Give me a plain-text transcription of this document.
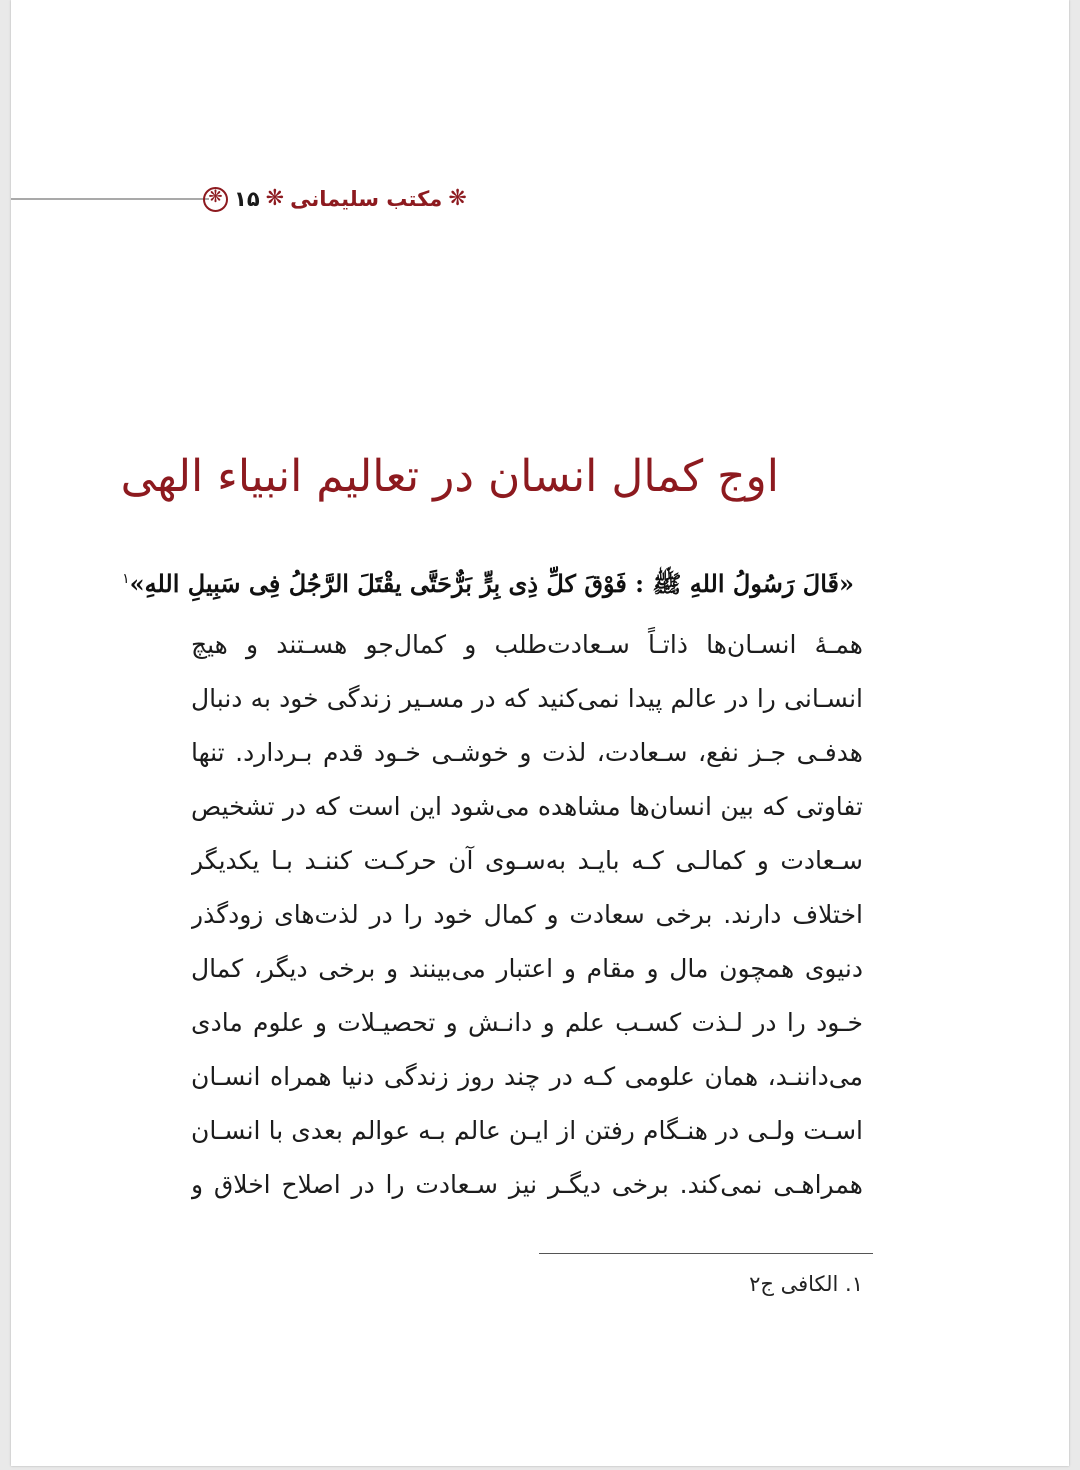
❋
مکتب سلیمانی
❋
۱۵
❋
اوج کمال انسان در تعالیم انبیاء الهی
«قَالَ رَسُولُ اللهِ ﷺ : فَوْقَ کلِّ ذِی بِرٍّ بَرٌّحَتَّی یقْتَلَ الرَّجُلُ فِی سَبِیلِ اللهِ»$^۱$
همـۀ انسـان‌ها ذاتـاً سـعادت‌طلب و کمال‌جو هسـتند و هیچ
انسـانی را در عالم پیدا نمی‌کنید که در مسـیر زندگی خود به دنبال
هدفـی جـز نفع، سـعادت، لذت و خوشـی خـود قدم بـردارد. تنها
تفاوتی که بین انسان‌ها مشاهده می‌شود این است که در تشخیص
سـعادت و کمالـی کـه بایـد به‌سـوی آن حرکـت کننـد بـا یکدیگر
اختلاف دارند. برخی سعادت و کمال خود را در لذت‌های زودگذر
دنیوی همچون مال و مقام و اعتبار می‌بینند و برخی دیگر، کمال
خـود را در لـذت کسـب علم و دانـش و تحصیـلات و علوم مادی
می‌داننـد، همان علومی کـه در چند روز زندگی دنیا همراه انسـان
اسـت ولـی در هنـگام رفتن از ایـن عالم بـه عوالم بعدی با انسـان
همراهـی نمی‌کند. برخی دیگـر نیز سـعادت را در اصلاح اخلاق و
۱. الکافی ج۲
